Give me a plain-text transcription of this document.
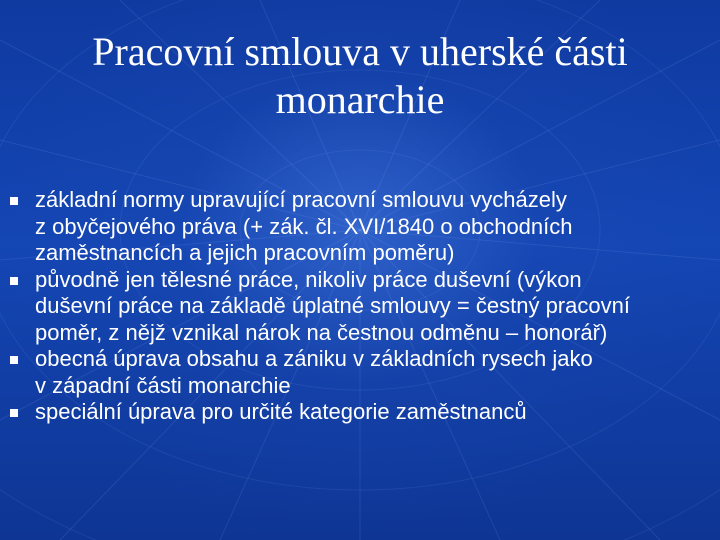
Pracovní smlouva v uherské části
monarchie
základní normy upravující pracovní smlouvu vycházely
z obyčejového práva (+ zák. čl. XVI/1840 o obchodních
zaměstnancích a jejich pracovním poměru)
původně jen tělesné práce, nikoliv práce duševní (výkon
duševní práce na základě úplatné smlouvy = čestný pracovní
poměr, z nějž vznikal nárok na čestnou odměnu – honorář)
obecná úprava obsahu a zániku v základních rysech jako
v západní části monarchie
speciální úprava pro určité kategorie zaměstnanců
